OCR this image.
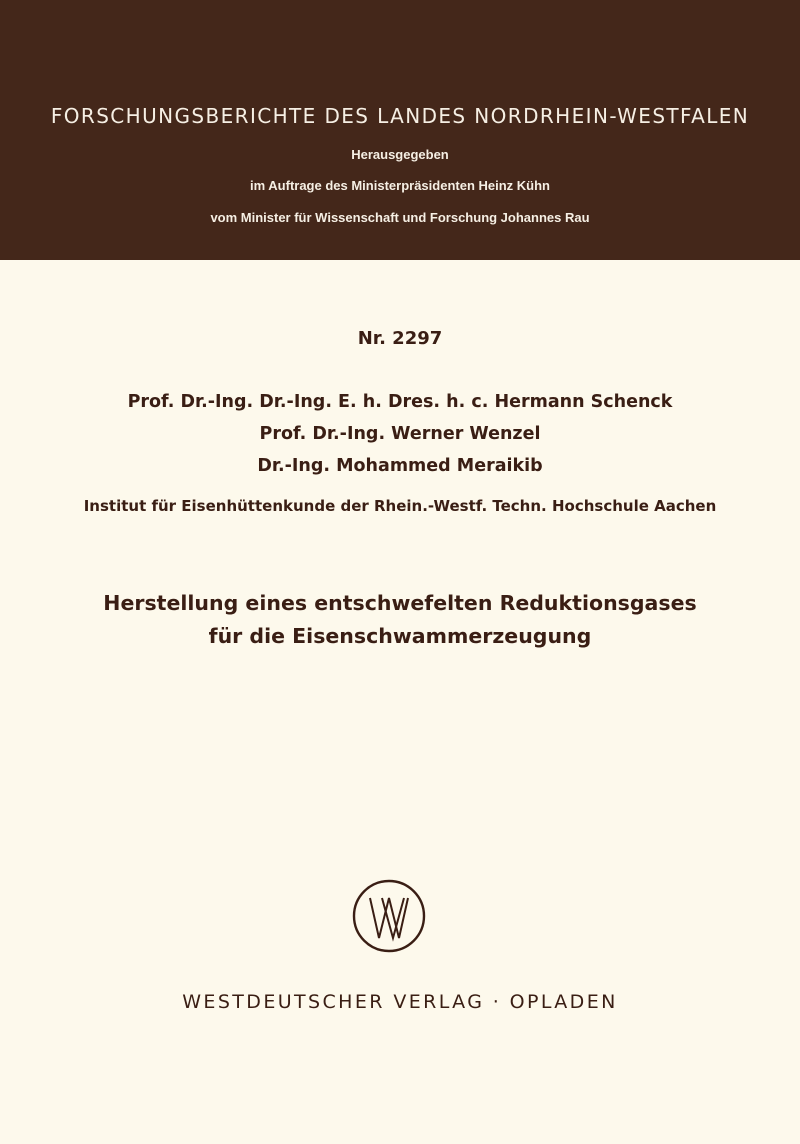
FORSCHUNGSBERICHTE DES LANDES NORDRHEIN-WESTFALEN
Herausgegeben
im Auftrage des Ministerpräsidenten Heinz Kühn
vom Minister für Wissenschaft und Forschung Johannes Rau
Nr. 2297
Prof. Dr.-Ing. Dr.-Ing. E. h. Dres. h. c. Hermann Schenck
Prof. Dr.-Ing. Werner Wenzel
Dr.-Ing. Mohammed Meraikib
Institut für Eisenhüttenkunde der Rhein.-Westf. Techn. Hochschule Aachen
Herstellung eines entschwefelten Reduktionsgases
für die Eisenschwammerzeugung
WESTDEUTSCHER VERLAG · OPLADEN
